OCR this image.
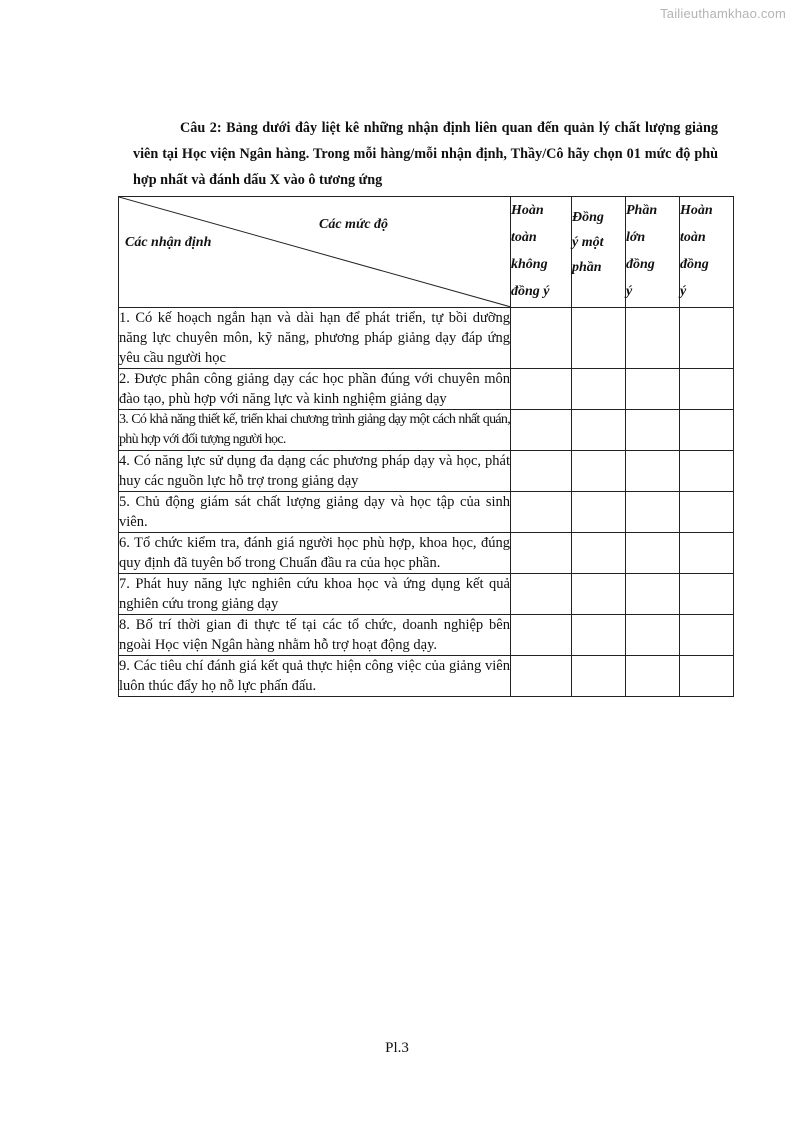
Tailieuthamkhao.com

Câu 2: Bảng dưới đây liệt kê những nhận định liên quan đến quản lý chất lượng giảng viên tại Học viện Ngân hàng. Trong mỗi hàng/mỗi nhận định, Thầy/Cô hãy chọn 01 mức độ phù hợp nhất và đánh dấu X vào ô tương ứng

Các mức độ
Các nhận định	Hoàn
toàn
không
đồng ý	Đồng
ý một
phần	Phần
lớn
đồng
ý	Hoàn
toàn
đồng
ý
1. Có kế hoạch ngắn hạn và dài hạn để phát triển, tự bồi dưỡng năng lực chuyên môn, kỹ năng, phương pháp giảng dạy đáp ứng yêu cầu người học				
2. Được phân công giảng dạy các học phần đúng với chuyên môn đào tạo, phù hợp với năng lực và kinh nghiệm giảng dạy				
3. Có khả năng thiết kế, triển khai chương trình giảng dạy một cách nhất quán, phù hợp với đối tượng người học.				
4. Có năng lực sử dụng đa dạng các phương pháp dạy và học, phát huy các nguồn lực hỗ trợ trong giảng dạy				
5. Chủ động giám sát chất lượng giảng dạy và học tập của sinh viên.				
6. Tổ chức kiểm tra, đánh giá người học phù hợp, khoa học, đúng quy định đã tuyên bố trong Chuẩn đầu ra của học phần.				
7. Phát huy năng lực nghiên cứu khoa học và ứng dụng kết quả nghiên cứu trong giảng dạy				
8. Bố trí thời gian đi thực tế tại các tổ chức, doanh nghiệp bên ngoài Học viện Ngân hàng nhằm hỗ trợ hoạt động dạy.				
9. Các tiêu chí đánh giá kết quả thực hiện công việc của giảng viên luôn thúc đẩy họ nỗ lực phấn đấu.				
Pl.3
